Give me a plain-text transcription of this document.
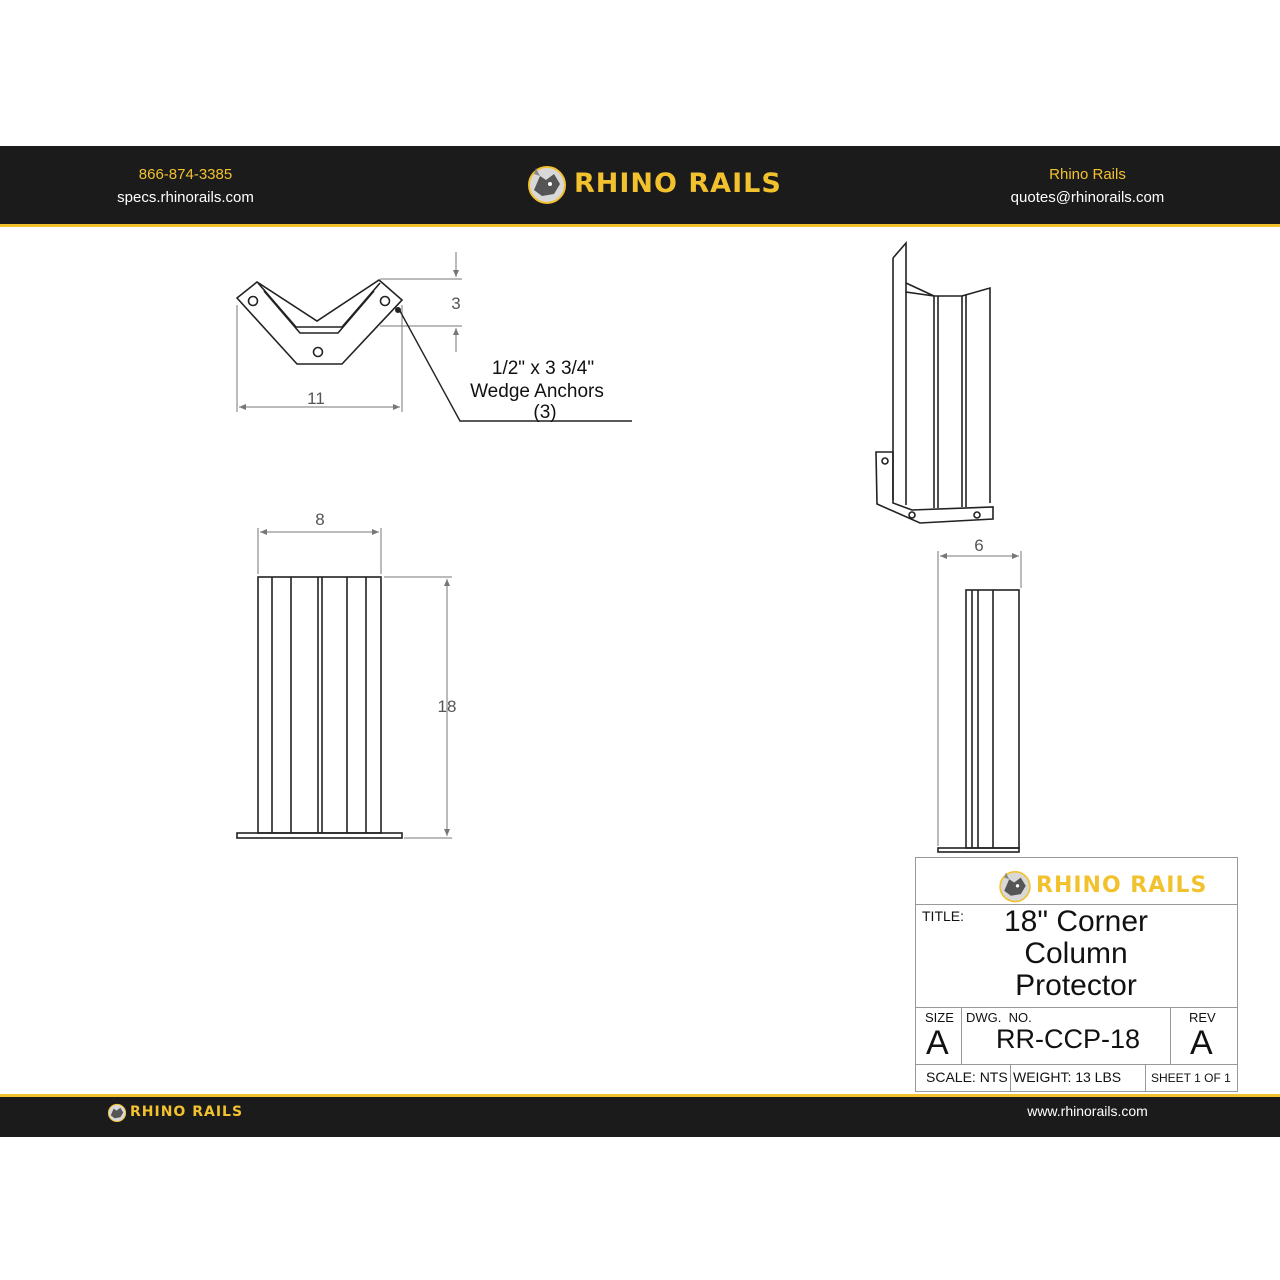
866-874-3385
specs.rhinorails.com	RHINO RAILS	Rhino Rails
quotes@rhinorails.com
3
11
1/2" x 3 3/4"
Wedge Anchors
(3)
8
18
6
RHINO RAILS
TITLE:	18" Corner
Column
Protector
SIZE
A
DWG.  NO.
RR-CCP-18
REV
A
SCALE: NTS WEIGHT: 13 LBS SHEET 1 OF 1
RHINO RAILS	www.rhinorails.com
